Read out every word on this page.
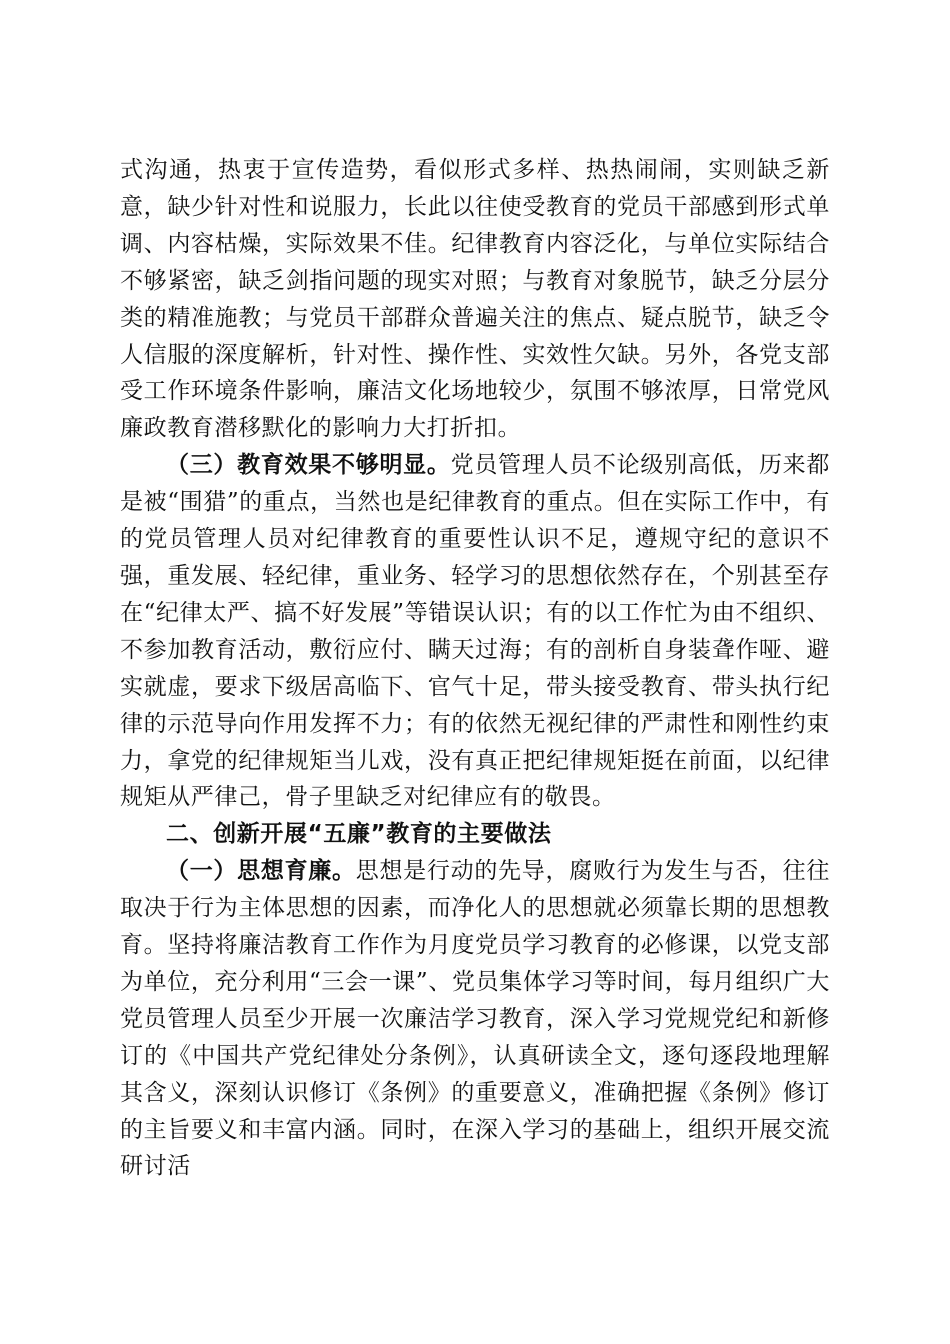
式沟通，热衷于宣传造势，看似形式多样、热热闹闹，实则缺乏新意，缺少针对性和说服力，长此以往使受教育的党员干部感到形式单调、内容枯燥，实际效果不佳。纪律教育内容泛化，与单位实际结合不够紧密，缺乏剑指问题的现实对照；与教育对象脱节，缺乏分层分类的精准施教；与党员干部群众普遍关注的焦点、疑点脱节，缺乏令人信服的深度解析，针对性、操作性、实效性欠缺。另外，各党支部受工作环境条件影响，廉洁文化场地较少，氛围不够浓厚，日常党风廉政教育潜移默化的影响力大打折扣。

（三）教育效果不够明显。党员管理人员不论级别高低，历来都是被“围猎”的重点，当然也是纪律教育的重点。但在实际工作中，有的党员管理人员对纪律教育的重要性认识不足，遵规守纪的意识不强，重发展、轻纪律，重业务、轻学习的思想依然存在，个别甚至存在“纪律太严、搞不好发展”等错误认识；有的以工作忙为由不组织、不参加教育活动，敷衍应付、瞒天过海；有的剖析自身装聋作哑、避实就虚，要求下级居高临下、官气十足，带头接受教育、带头执行纪律的示范导向作用发挥不力；有的依然无视纪律的严肃性和刚性约束力，拿党的纪律规矩当儿戏，没有真正把纪律规矩挺在前面，以纪律规矩从严律己，骨子里缺乏对纪律应有的敬畏。

二、创新开展“五廉”教育的主要做法

（一）思想育廉。思想是行动的先导，腐败行为发生与否，往往取决于行为主体思想的因素，而净化人的思想就必须靠长期的思想教育。坚持将廉洁教育工作作为月度党员学习教育的必修课，以党支部为单位，充分利用“三会一课”、党员集体学习等时间，每月组织广大党员管理人员至少开展一次廉洁学习教育，深入学习党规党纪和新修订的《中国共产党纪律处分条例》，认真研读全文，逐句逐段地理解其含义，深刻认识修订《条例》的重要意义，准确把握《条例》修订的主旨要义和丰富内涵。同时，在深入学习的基础上，组织开展交流研讨活
